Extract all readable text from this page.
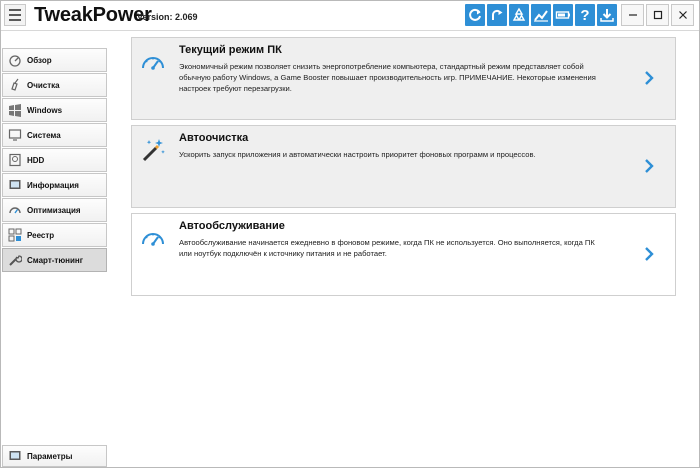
TweakPower
Version: 2.069	?
Обзор
Очистка
Windows
Система
HDD
Информация
Оптимизация
Реестр
Смарт-тюнинг
Параметры
Текущий режим ПК
Экономичный режим позволяет снизить энергопотребление компьютера, стандартный режим представляет собой обычную работу Windows, а Game Booster повышает производительность игр. ПРИМЕЧАНИЕ. Некоторые изменения настроек требуют перезагрузки.
Автоочистка
Ускорить запуск приложения и автоматически настроить приоритет фоновых программ и процессов.
Автообслуживание
Автообслуживание начинается ежедневно в фоновом режиме, когда ПК не используется. Оно выполняется, когда ПК или ноутбук подключён к источнику питания и не работает.
